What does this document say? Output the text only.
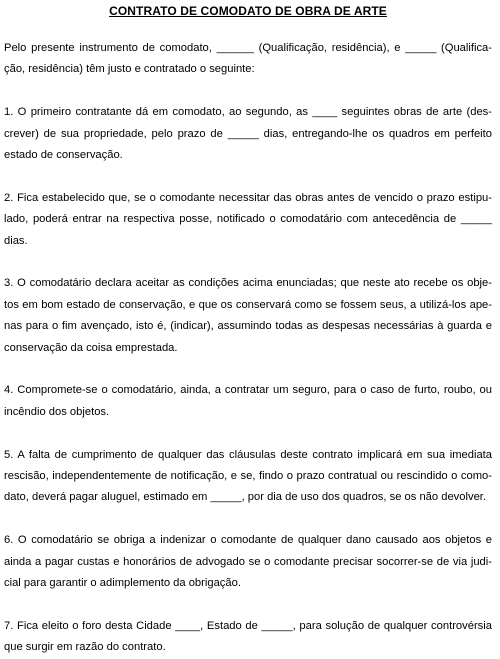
CONTRATO DE COMODATO DE OBRA DE ARTE
Pelo presente instrumento de comodato, ______ (Qualificação, residência), e _____ (Qualifica-
ção, residência) têm justo e contratado o seguinte:
1. O primeiro contratante dá em comodato, ao segundo, as ____ seguintes obras de arte (des-
crever) de sua propriedade, pelo prazo de _____ dias, entregando-lhe os quadros em perfeito
estado de conservação.
2. Fica estabelecido que, se o comodante necessitar das obras antes de vencido o prazo estipu-
lado, poderá entrar na respectiva posse, notificado o comodatário com antecedência de _____
dias.
3. O comodatário declara aceitar as condições acima enunciadas; que neste ato recebe os obje-
tos em bom estado de conservação, e que os conservará como se fossem seus, a utilizá-los ape-
nas para o fim avençado, isto é, (indicar), assumindo todas as despesas necessárias à guarda e
conservação da coisa emprestada.
4. Compromete-se o comodatário, ainda, a contratar um seguro, para o caso de furto, roubo, ou
incêndio dos objetos.
5. A falta de cumprimento de qualquer das cláusulas deste contrato implicará em sua imediata
rescisão, independentemente de notificação, e se, findo o prazo contratual ou rescindido o como-
dato, deverá pagar aluguel, estimado em _____, por dia de uso dos quadros, se os não devolver.
6. O comodatário se obriga a indenizar o comodante de qualquer dano causado aos objetos e
ainda a pagar custas e honorários de advogado se o comodante precisar socorrer-se de via judi-
cial para garantir o adimplemento da obrigação.
7. Fica eleito o foro desta Cidade ____, Estado de _____, para solução de qualquer controvérsia
que surgir em razão do contrato.
